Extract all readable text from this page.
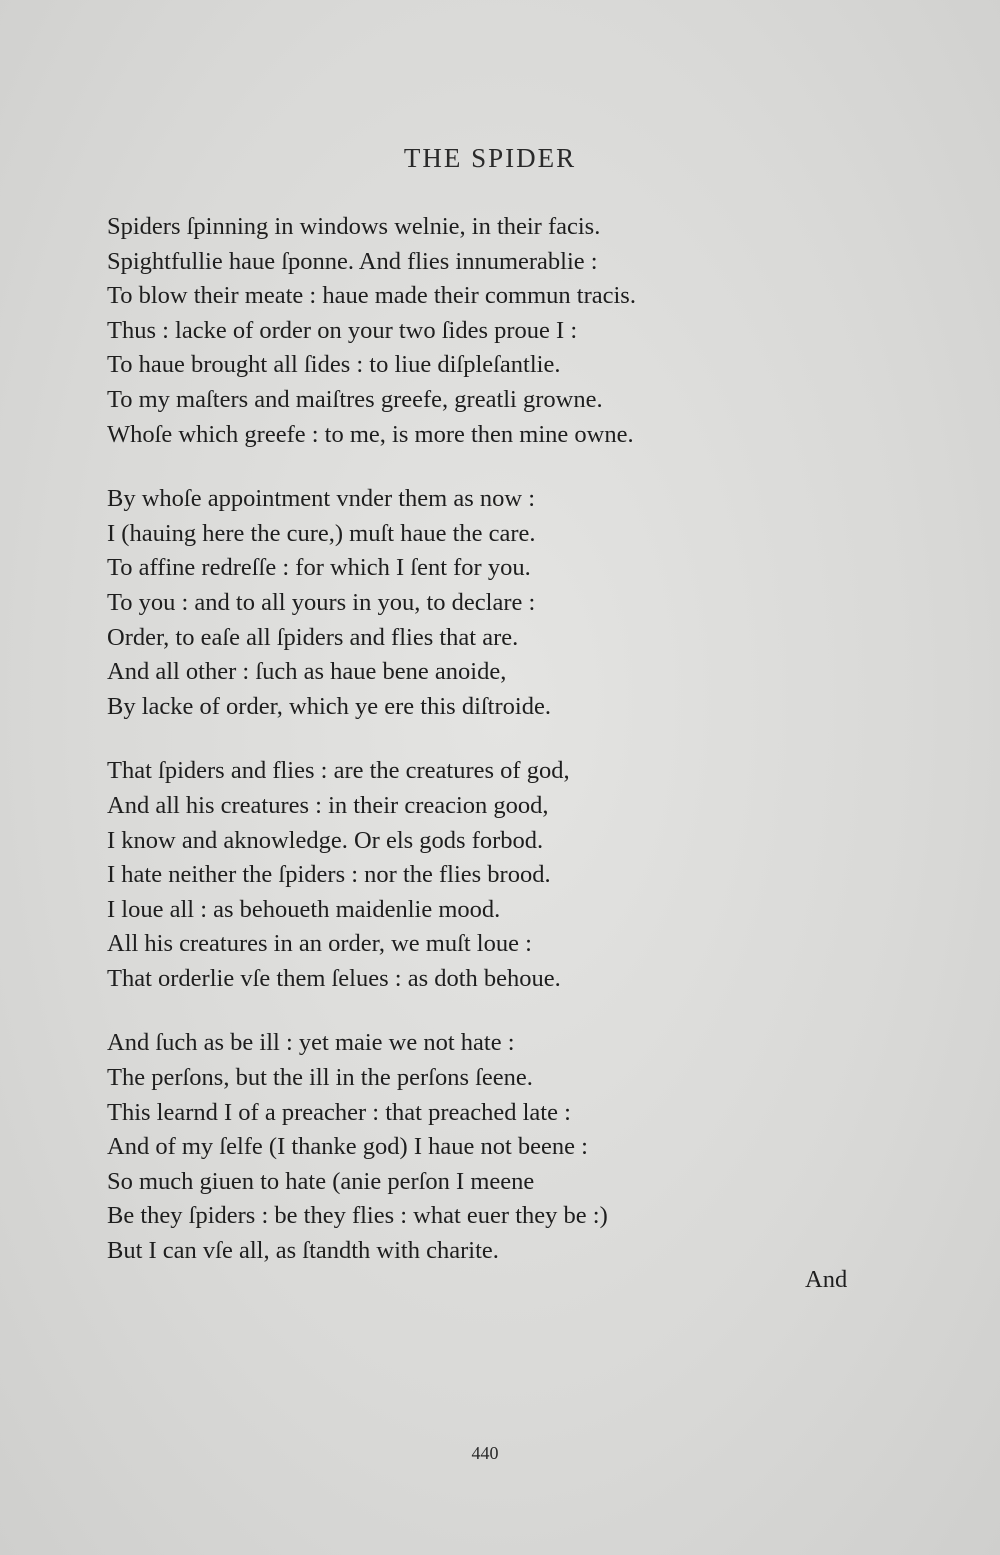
THE SPIDER
Spiders ſpinning in windows welnie, in their facis.
Spightfullie haue ſponne. And flies innumerablie :
To blow their meate : haue made their commun tracis.
Thus : lacke of order on your two ſides proue I :
To haue brought all ſides : to liue diſpleſantlie.
To my maſters and maiſtres greefe, greatli growne.
Whoſe which greefe : to me, is more then mine owne.
By whoſe appointment vnder them as now :
I (hauing here the cure,) muſt haue the care.
To affine redreſſe : for which I ſent for you.
To you : and to all yours in you, to declare :
Order, to eaſe all ſpiders and flies that are.
And all other : ſuch as haue bene anoide,
By lacke of order, which ye ere this diſtroide.
That ſpiders and flies : are the creatures of god,
And all his creatures : in their creacion good,
I know and aknowledge. Or els gods forbod.
I hate neither the ſpiders : nor the flies brood.
I loue all : as behoueth maidenlie mood.
All his creatures in an order, we muſt loue :
That orderlie vſe them ſelues : as doth behoue.
And ſuch as be ill : yet maie we not hate :
The perſons, but the ill in the perſons ſeene.
This learnd I of a preacher : that preached late :
And of my ſelfe (I thanke god) I haue not beene :
So much giuen to hate (anie perſon I meene
Be they ſpiders : be they flies : what euer they be :)
But I can vſe all, as ſtandth with charite.
And
440
